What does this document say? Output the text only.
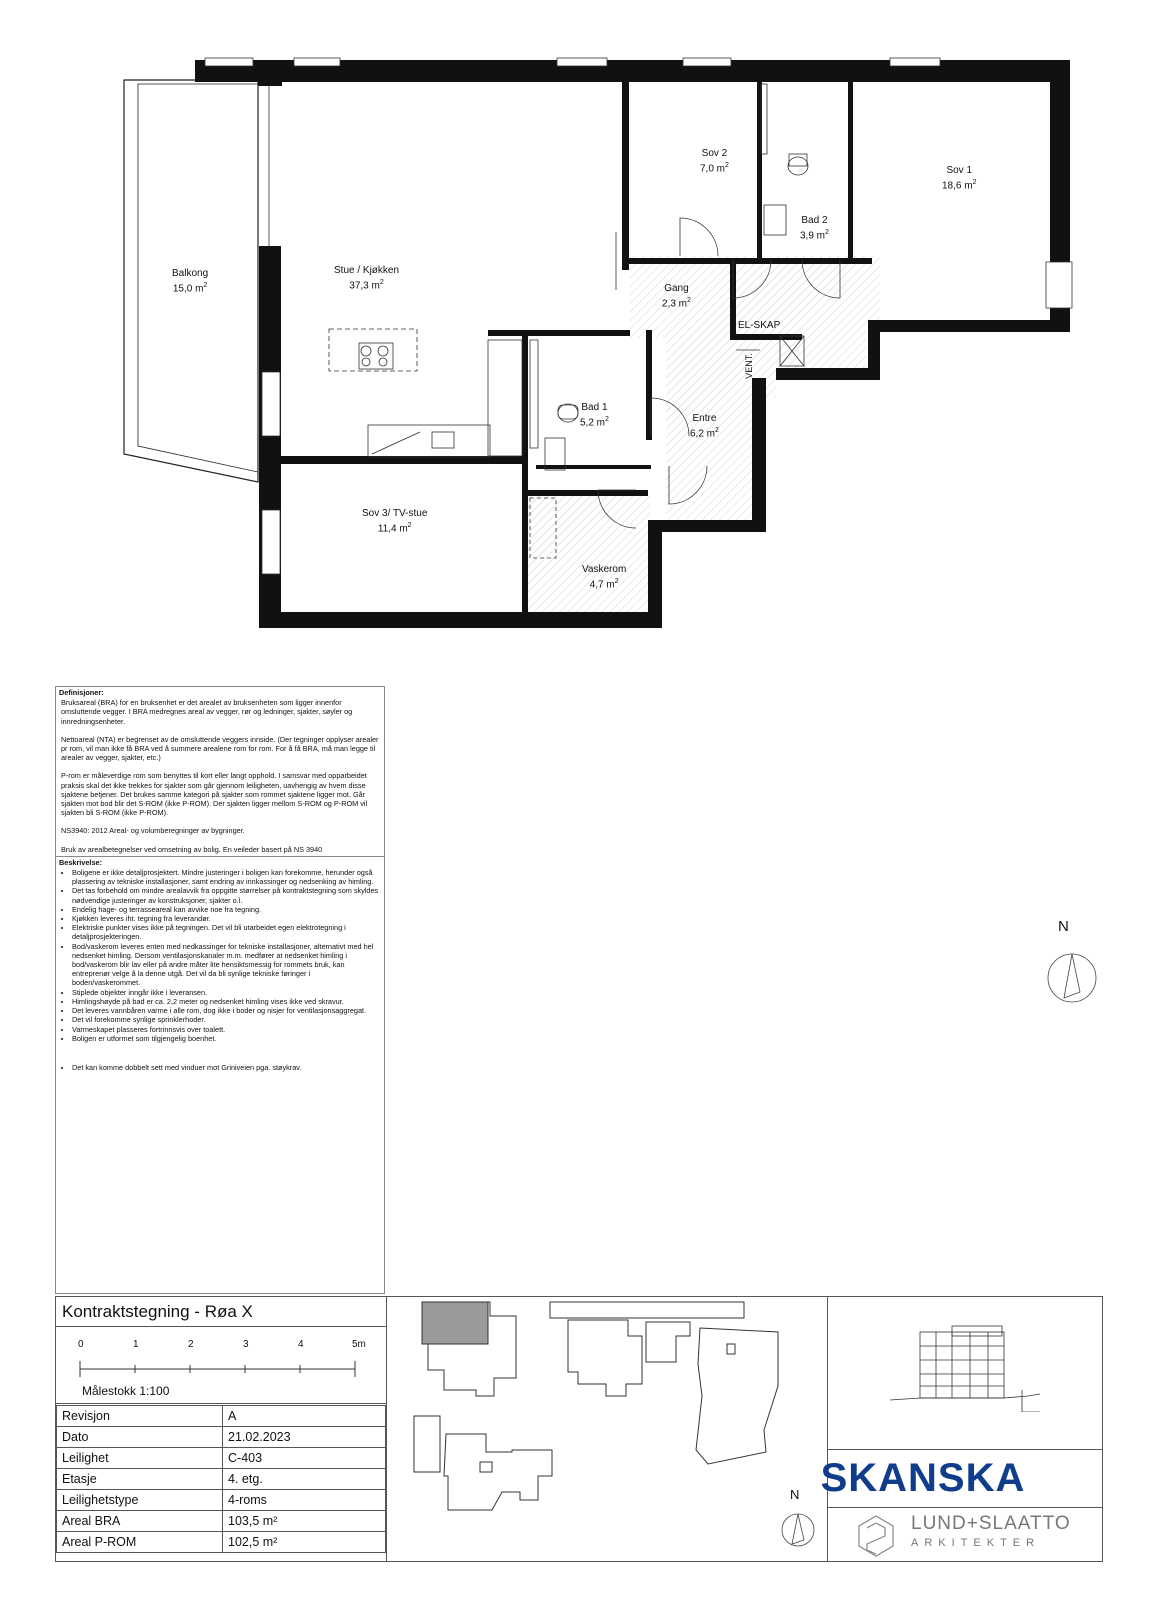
Balkong
15,0 $m^2$
Stue / Kjøkken
37,3 $m^2$
Sov 2
7,0 $m^2$
Bad 2
3,9 $m^2$
Sov 1
18,6 $m^2$
Gang
2,3 $m^2$
Bad 1
5,2 $m^2$	Entre
6,2 $m^2$
Sov 3/ TV-stue
11,4 $m^2$
Vaskerom
4,7 $m^2$
EL-SKAP
VENT.
N
Definisjoner:

Bruksareal (BRA) for en bruksenhet er det arealet av bruksenheten som ligger innenfor omsluttende vegger. I BRA medregnes areal av vegger, rør og ledninger, sjakter, søyler og innredningsenheter.

Nettoareal (NTA) er begrenset av de omsluttende veggers innside. (Der tegninger opplyser arealer pr rom, vil man ikke få BRA ved å summere arealene rom for rom. For å få BRA, må man legge til arealer av vegger, sjakter, etc.)

P-rom er måleverdige rom som benyttes til kort eller langt opphold. I samsvar med opparbeidet praksis skal det ikke trekkes for sjakter som går gjennom leiligheten, uavhengig av hvem disse sjaktene betjener. Det brukes samme kategori på sjakter som rommet sjaktene ligger mot. Går sjakten mot bod blir det S-ROM (ikke P-ROM). Der sjakten ligger mellom S-ROM og P-ROM vil sjakten bli S-ROM (ikke P-ROM).

NS3940: 2012 Areal- og volumberegninger av bygninger.

Bruk av arealbetegnelser ved omsetning av bolig. En veileder basert på NS 3940

Beskrivelse:
• Boligene er ikke detaljprosjektert. Mindre justeringer i boligen kan forekomme, herunder også plassering av tekniske installasjoner, samt endring av innkassinger og nedsenking av himling.
• Det tas forbehold om mindre arealavvik fra oppgitte størrelser på kontraktstegning som skyldes nødvendige justeringer av konstruksjoner, sjakter o.l.
• Endelig hage- og terrasseareal kan avvike noe fra tegning.
• Kjøkken leveres iht. tegning fra leverandør.
• Elektriske punkter vises ikke på tegningen. Det vil bli utarbeidet egen elektrotegning i detaljprosjekteringen.
• Bod/vaskerom leveres enten med nedkassinger for tekniske installasjoner, alternativt med hel nedsenket himling. Dersom ventilasjonskanaler m.m. medfører at nedsenket himling i bod/vaskerom blir lav eller på andre måter lite hensiktsmessig for rommets bruk, kan entreprenør velge å la denne utgå. Det vil da bli synlige tekniske føringer i boden/vaskerommet.
• Stiplede objekter inngår ikke i leveransen.
• Himlingshøyde på bad er ca. 2,2 meter og nedsenket himling vises ikke ved skravur.
• Det leveres vannbåren varme i alle rom, dog ikke i boder og nisjer for ventilasjonsaggregat.
• Det vil forekomme synlige sprinklerhoder.
• Varmeskapet plasseres fortrinnsvis over toalett.
• Boligen er utformet som tilgjengelig boenhet.
• Det kan komme dobbelt sett med vinduer mot Griniveien pga. støykrav.
Kontraktstegning - Røa X
0	1	2	3	4	5m
Målestokk 1:100
Revisjon	A
Dato	21.02.2023
Leilighet	C-403
Etasje	4. etg.
Leilighetstype	4-roms
Areal BRA	103,5 m²
Areal P-ROM	102,5 m²
SKANSKA
LUND+SLAATTO
ARKITEKTER
N
